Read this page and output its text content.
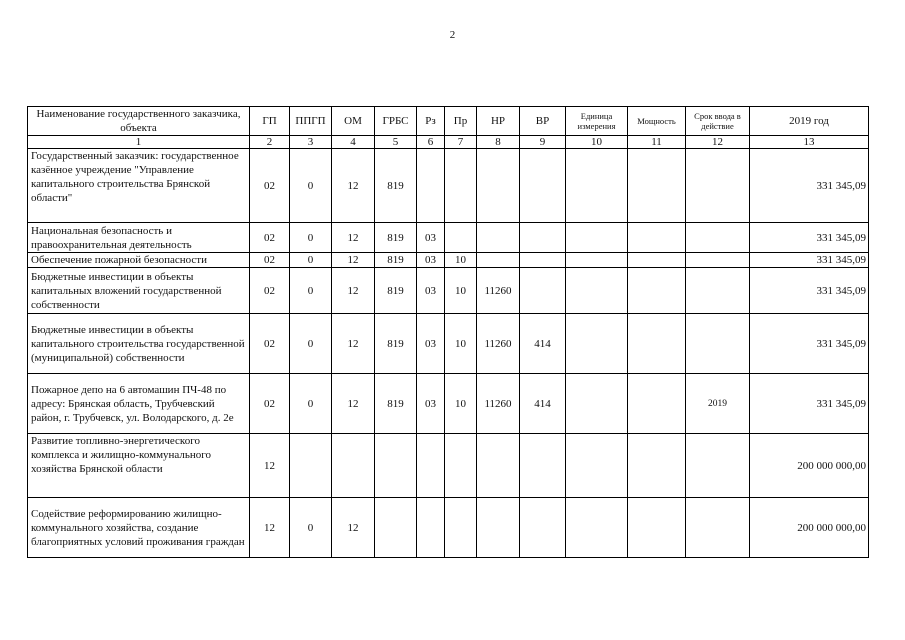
2
Наименование государственного заказчика, объекта	ГП	ППГП	ОМ	ГРБС	Рз	Пр	НР	ВР	Единица измерения	Мощность	Срок ввода в действие	2019 год
1	2	3	4	5	6	7	8	9	10	11	12	13
Государственный заказчик: государственное казённое учреждение "Управление капитального строительства Брянской области"	02	0	12	819								331 345,09
Национальная безопасность и правоохранительная деятельность	02	0	12	819	03							331 345,09
Обеспечение пожарной безопасности	02	0	12	819	03	10						331 345,09
Бюджетные инвестиции в объекты капитальных вложений государственной собственности	02	0	12	819	03	10	11260					331 345,09
Бюджетные инвестиции в объекты капитального строительства государственной (муниципальной) собственности	02	0	12	819	03	10	11260	414				331 345,09
Пожарное депо на 6 автомашин ПЧ-48 по адресу: Брянская область, Трубчевский район, г. Трубчевск, ул. Володарского, д. 2е	02	0	12	819	03	10	11260	414			2019	331 345,09
Развитие топливно-энергетического комплекса и жилищно-коммунального хозяйства Брянской области	12											200 000 000,00
Содействие реформированию жилищно-коммунального хозяйства, создание благоприятных условий проживания граждан	12	0	12									200 000 000,00
